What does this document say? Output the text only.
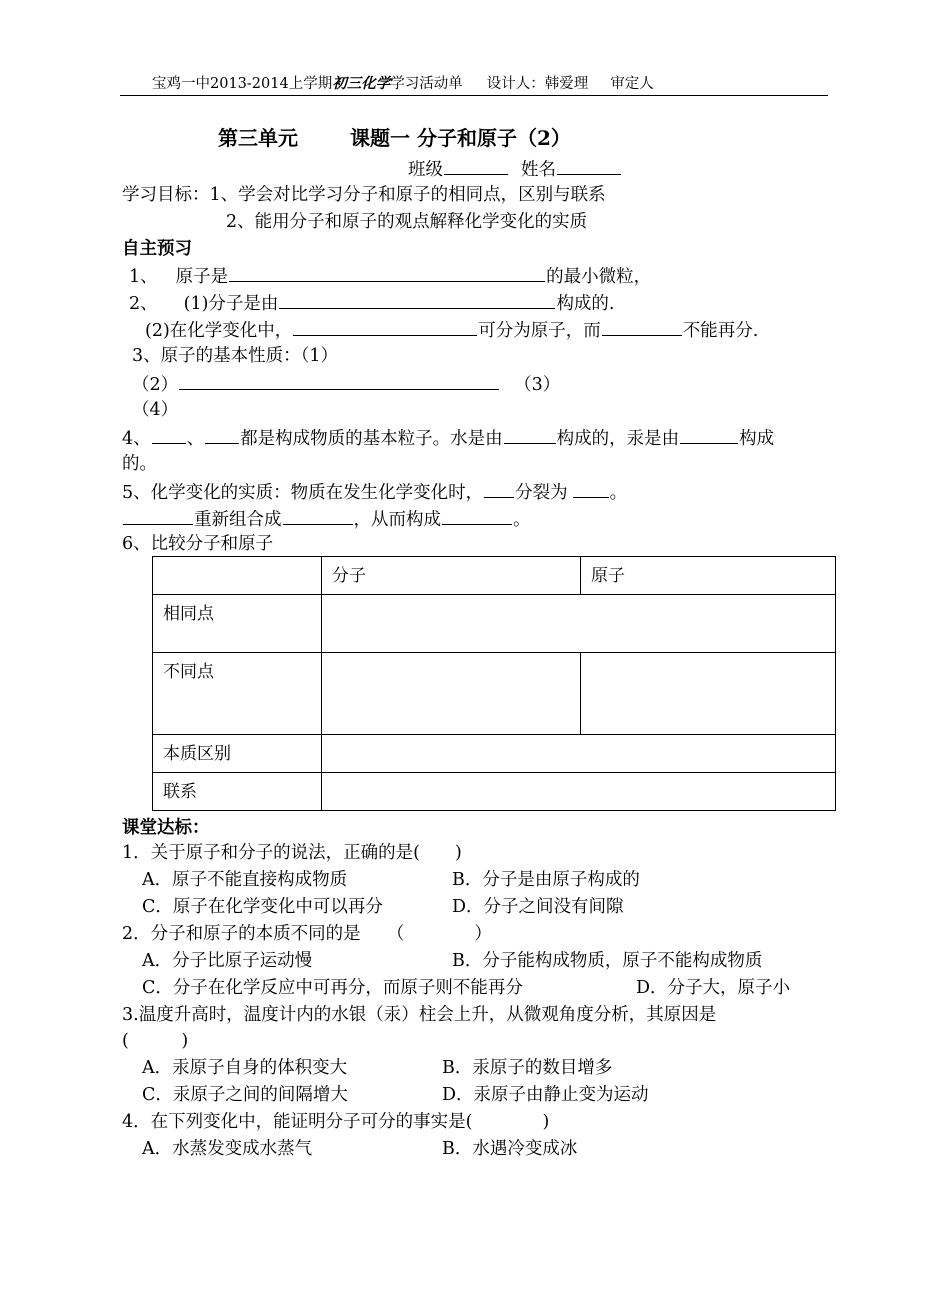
宝鸡一中2013-2014上学期初三化学学习活动单 设计人：韩爱理 审定人
第三单元	课题一 分子和原子（2）
班级	姓名
学习目标：1、学会对比学习分子和原子的相同点，区别与联系
2、能用分子和原子的观点解释化学变化的实质
自主预习
1、 原子是	的最小微粒，
2、 (1)分子是由	构成的.
(2)在化学变化中，	可分为原子，而	不能再分.
3、原子的基本性质：（1）
（2）	（3）
（4）
4、 、 都是构成物质的基本粒子。水是由	构成的，汞是由	构成
的。
5、化学变化的实质：物质在发生化学变化时， 分裂为 。
重新组合成	，从而构成	。
6、比较分子和原子
	分子	原子
相同点		
不同点		
本质区别		
联系		
课堂达标：
1．关于原子和分子的说法，正确的是(　　)
A．原子不能直接构成物质	B．分子是由原子构成的
C．原子在化学变化中可以再分	D．分子之间没有间隙
2．分子和原子的本质不同的是　　（　　　　）
A．分子比原子运动慢	B．分子能构成物质，原子不能构成物质
C．分子在化学反应中可再分，而原子则不能再分	D．分子大，原子小
3.温度升高时，温度计内的水银（汞）柱会上升，从微观角度分析，其原因是
(　　　)
A．汞原子自身的体积变大	B．汞原子的数目增多
C．汞原子之间的间隔增大	D．汞原子由静止变为运动
4．在下列变化中，能证明分子可分的事实是(　　　　)
A．水蒸发变成水蒸气	B．水遇冷变成冰
